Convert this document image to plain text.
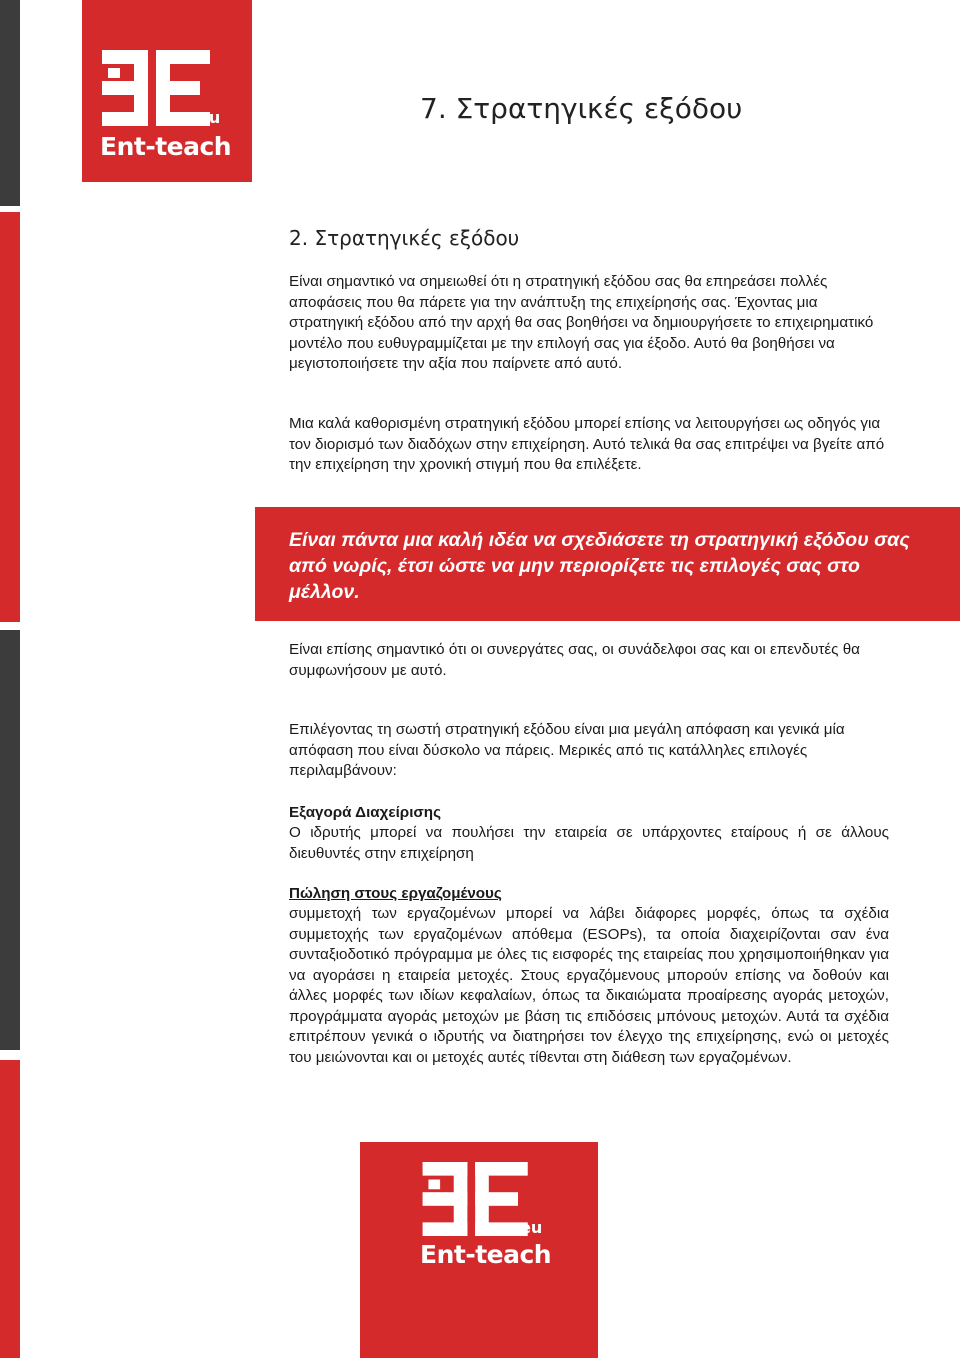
.eu
Ent-teach
7. Στρατηγικές εξόδου
2. Στρατηγικές εξόδου

Είναι σημαντικό να σημειωθεί ότι η στρατηγική εξόδου σας θα επηρεάσει πολλές αποφάσεις που θα πάρετε για την ανάπτυξη της επιχείρησής σας. Έχοντας μια στρατηγική εξόδου από την αρχή θα σας βοηθήσει να δημιουργήσετε το επιχειρηματικό μοντέλο που ευθυγραμμίζεται με την επιλογή σας για έξοδο. Αυτό θα βοηθήσει να μεγιστοποιήσετε την αξία που παίρνετε από αυτό.

Μια καλά καθορισμένη στρατηγική εξόδου μπορεί επίσης να λειτουργήσει ως οδηγός για τον διορισμό των διαδόχων στην επιχείρηση. Αυτό τελικά θα σας επιτρέψει να βγείτε από την επιχείρηση την χρονική στιγμή που θα επιλέξετε.

Είναι πάντα μια καλή ιδέα να σχεδιάσετε τη στρατηγική εξόδου σας από νωρίς, έτσι ώστε να μην περιορίζετε τις επιλογές σας στο μέλλον.

Είναι επίσης σημαντικό ότι οι συνεργάτες σας, οι συνάδελφοι σας και οι επενδυτές θα συμφωνήσουν με αυτό.

Επιλέγοντας τη σωστή στρατηγική εξόδου είναι μια μεγάλη απόφαση και γενικά μία απόφαση που είναι δύσκολο να πάρεις. Μερικές από τις κατάλληλες επιλογές περιλαμβάνουν:

Εξαγορά Διαχείρισης

Ο ιδρυτής μπορεί να πουλήσει την εταιρεία σε υπάρχοντες εταίρους ή σε άλλους διευθυντές στην επιχείρηση

Πώληση στους εργαζομένους

συμμετοχή των εργαζομένων μπορεί να λάβει διάφορες μορφές, όπως τα σχέδια συμμετοχής των εργαζομένων απόθεμα (ESOPs), τα οποία διαχειρίζονται σαν ένα συνταξιοδοτικό πρόγραμμα με όλες τις εισφορές της εταιρείας που χρησιμοποιήθηκαν για να αγοράσει η εταιρεία μετοχές. Στους εργαζόμενους μπορούν επίσης να δοθούν και άλλες μορφές των ιδίων κεφαλαίων, όπως τα δικαιώματα προαίρεσης αγοράς μετοχών, προγράμματα αγοράς μετοχών με βάση τις επιδόσεις μπόνους μετοχών. Αυτά τα σχέδια επιτρέπουν γενικά ο ιδρυτής να διατηρήσει τον έλεγχο της επιχείρησης, ενώ οι μετοχές του μειώνονται και οι μετοχές αυτές τίθενται στη διάθεση των εργαζομένων.

.eu
Ent-teach
